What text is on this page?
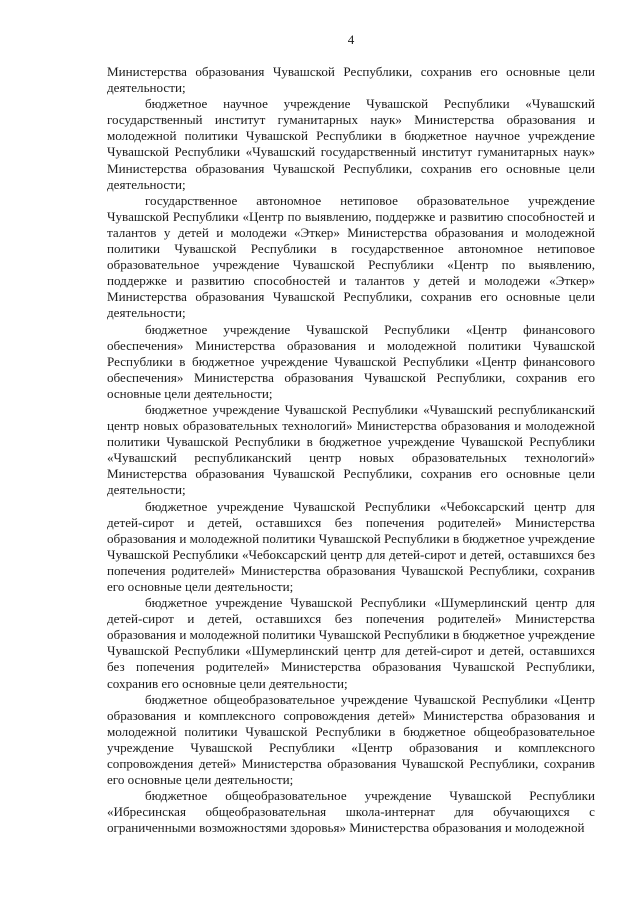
4

Министерства образования Чувашской Республики, сохранив его основные цели деятельности;

бюджетное научное учреждение Чувашской Республики «Чувашский государственный институт гуманитарных наук» Министерства образования и молодежной политики Чувашской Республики в бюджетное научное учреждение Чувашской Республики «Чувашский государственный институт гуманитарных наук» Министерства образования Чувашской Республики, сохранив его основные цели деятельности;

государственное автономное нетиповое образовательное учреждение Чувашской Республики «Центр по выявлению, поддержке и развитию способностей и талантов у детей и молодежи «Эткер» Министерства образования и молодежной политики Чувашской Республики в государственное автономное нетиповое образовательное учреждение Чувашской Республики «Центр по выявлению, поддержке и развитию способностей и талантов у детей и молодежи «Эткер» Министерства образования Чувашской Республики, сохранив его основные цели деятельности;

бюджетное учреждение Чувашской Республики «Центр финансового обеспечения» Министерства образования и молодежной политики Чувашской Республики в бюджетное учреждение Чувашской Республики «Центр финансового обеспечения» Министерства образования Чувашской Республики, сохранив его основные цели деятельности;

бюджетное учреждение Чувашской Республики «Чувашский республиканский центр новых образовательных технологий» Министерства образования и молодежной политики Чувашской Республики в бюджетное учреждение Чувашской Республики «Чувашский республиканский центр новых образовательных технологий» Министерства образования Чувашской Республики, сохранив его основные цели деятельности;

бюджетное учреждение Чувашской Республики «Чебоксарский центр для детей-сирот и детей, оставшихся без попечения родителей» Министерства образования и молодежной политики Чувашской Республики в бюджетное учреждение Чувашской Республики «Чебоксарский центр для детей-сирот и детей, оставшихся без попечения родителей» Министерства образования Чувашской Республики, сохранив его основные цели деятельности;

бюджетное учреждение Чувашской Республики «Шумерлинский центр для детей-сирот и детей, оставшихся без попечения родителей» Министерства образования и молодежной политики Чувашской Республики в бюджетное учреждение Чувашской Республики «Шумерлинский центр для детей-сирот и детей, оставшихся без попечения родителей» Министерства образования Чувашской Республики, сохранив его основные цели деятельности;

бюджетное общеобразовательное учреждение Чувашской Республики «Центр образования и комплексного сопровождения детей» Министерства образования и молодежной политики Чувашской Республики в бюджетное общеобразовательное учреждение Чувашской Республики «Центр образования и комплексного сопровождения детей» Министерства образования Чувашской Республики, сохранив его основные цели деятельности;

бюджетное общеобразовательное учреждение Чувашской Республики «Ибресинская общеобразовательная школа-интернат для обучающихся с ограниченными возможностями здоровья» Министерства образования и молодежной
